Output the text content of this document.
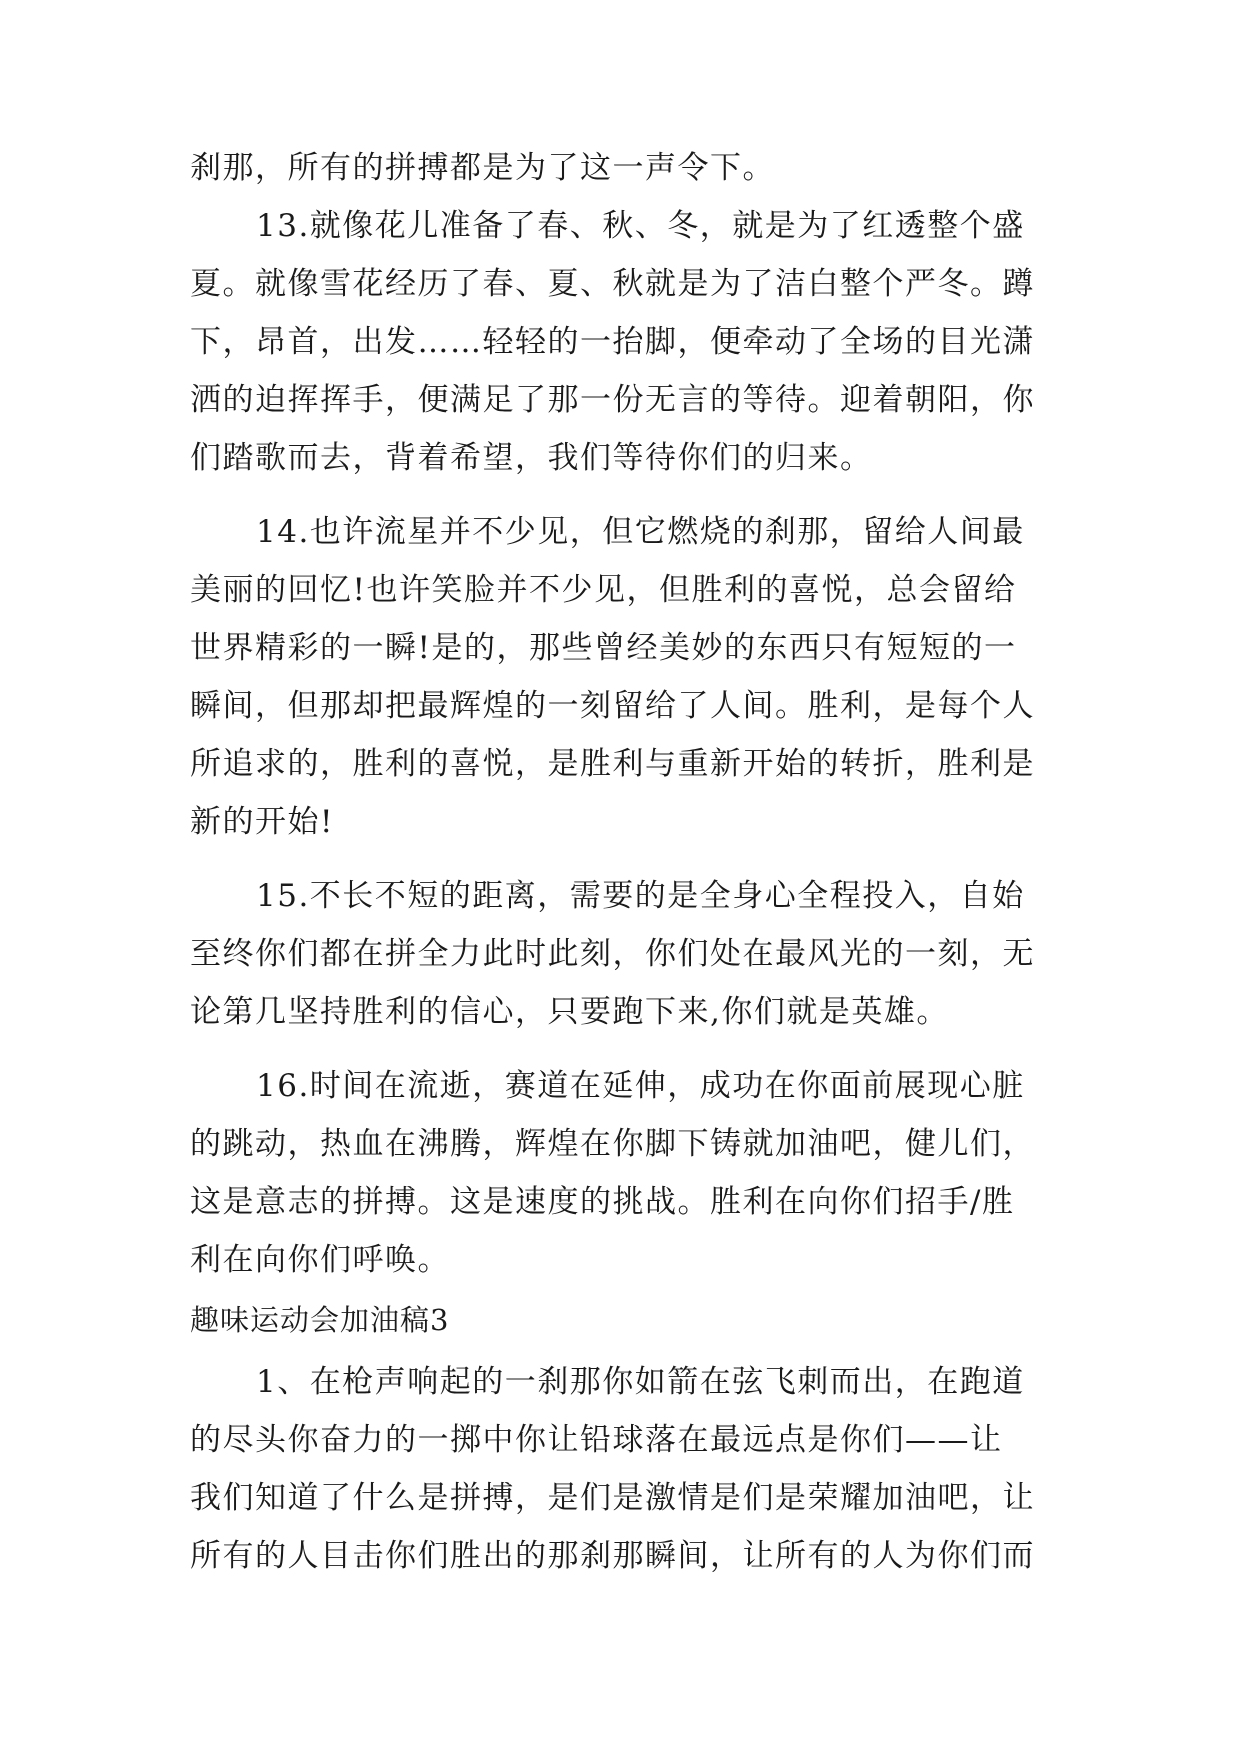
刹那，所有的拼搏都是为了这一声令下。
13.就像花儿准备了春、秋、冬，就是为了红透整个盛
夏。就像雪花经历了春、夏、秋就是为了洁白整个严冬。蹲
下，昂首，出发……轻轻的一抬脚，便牵动了全场的目光潇
洒的迫挥挥手，便满足了那一份无言的等待。迎着朝阳，你
们踏歌而去，背着希望，我们等待你们的归来。
14.也许流星并不少见，但它燃烧的刹那，留给人间最
美丽的回忆!也许笑脸并不少见，但胜利的喜悦，总会留给
世界精彩的一瞬!是的，那些曾经美妙的东西只有短短的一
瞬间，但那却把最辉煌的一刻留给了人间。胜利，是每个人
所追求的，胜利的喜悦，是胜利与重新开始的转折，胜利是
新的开始!
15.不长不短的距离，需要的是全身心全程投入，自始
至终你们都在拼全力此时此刻，你们处在最风光的一刻，无
论第几坚持胜利的信心，只要跑下来,你们就是英雄。
16.时间在流逝，赛道在延伸，成功在你面前展现心脏
的跳动，热血在沸腾，辉煌在你脚下铸就加油吧，健儿们，
这是意志的拼搏。这是速度的挑战。胜利在向你们招手/胜
利在向你们呼唤。
趣味运动会加油稿3
1、在枪声响起的一刹那你如箭在弦飞刺而出，在跑道
的尽头你奋力的一掷中你让铅球落在最远点是你们——让
我们知道了什么是拼搏，是们是激情是们是荣耀加油吧，让
所有的人目击你们胜出的那刹那瞬间，让所有的人为你们而
